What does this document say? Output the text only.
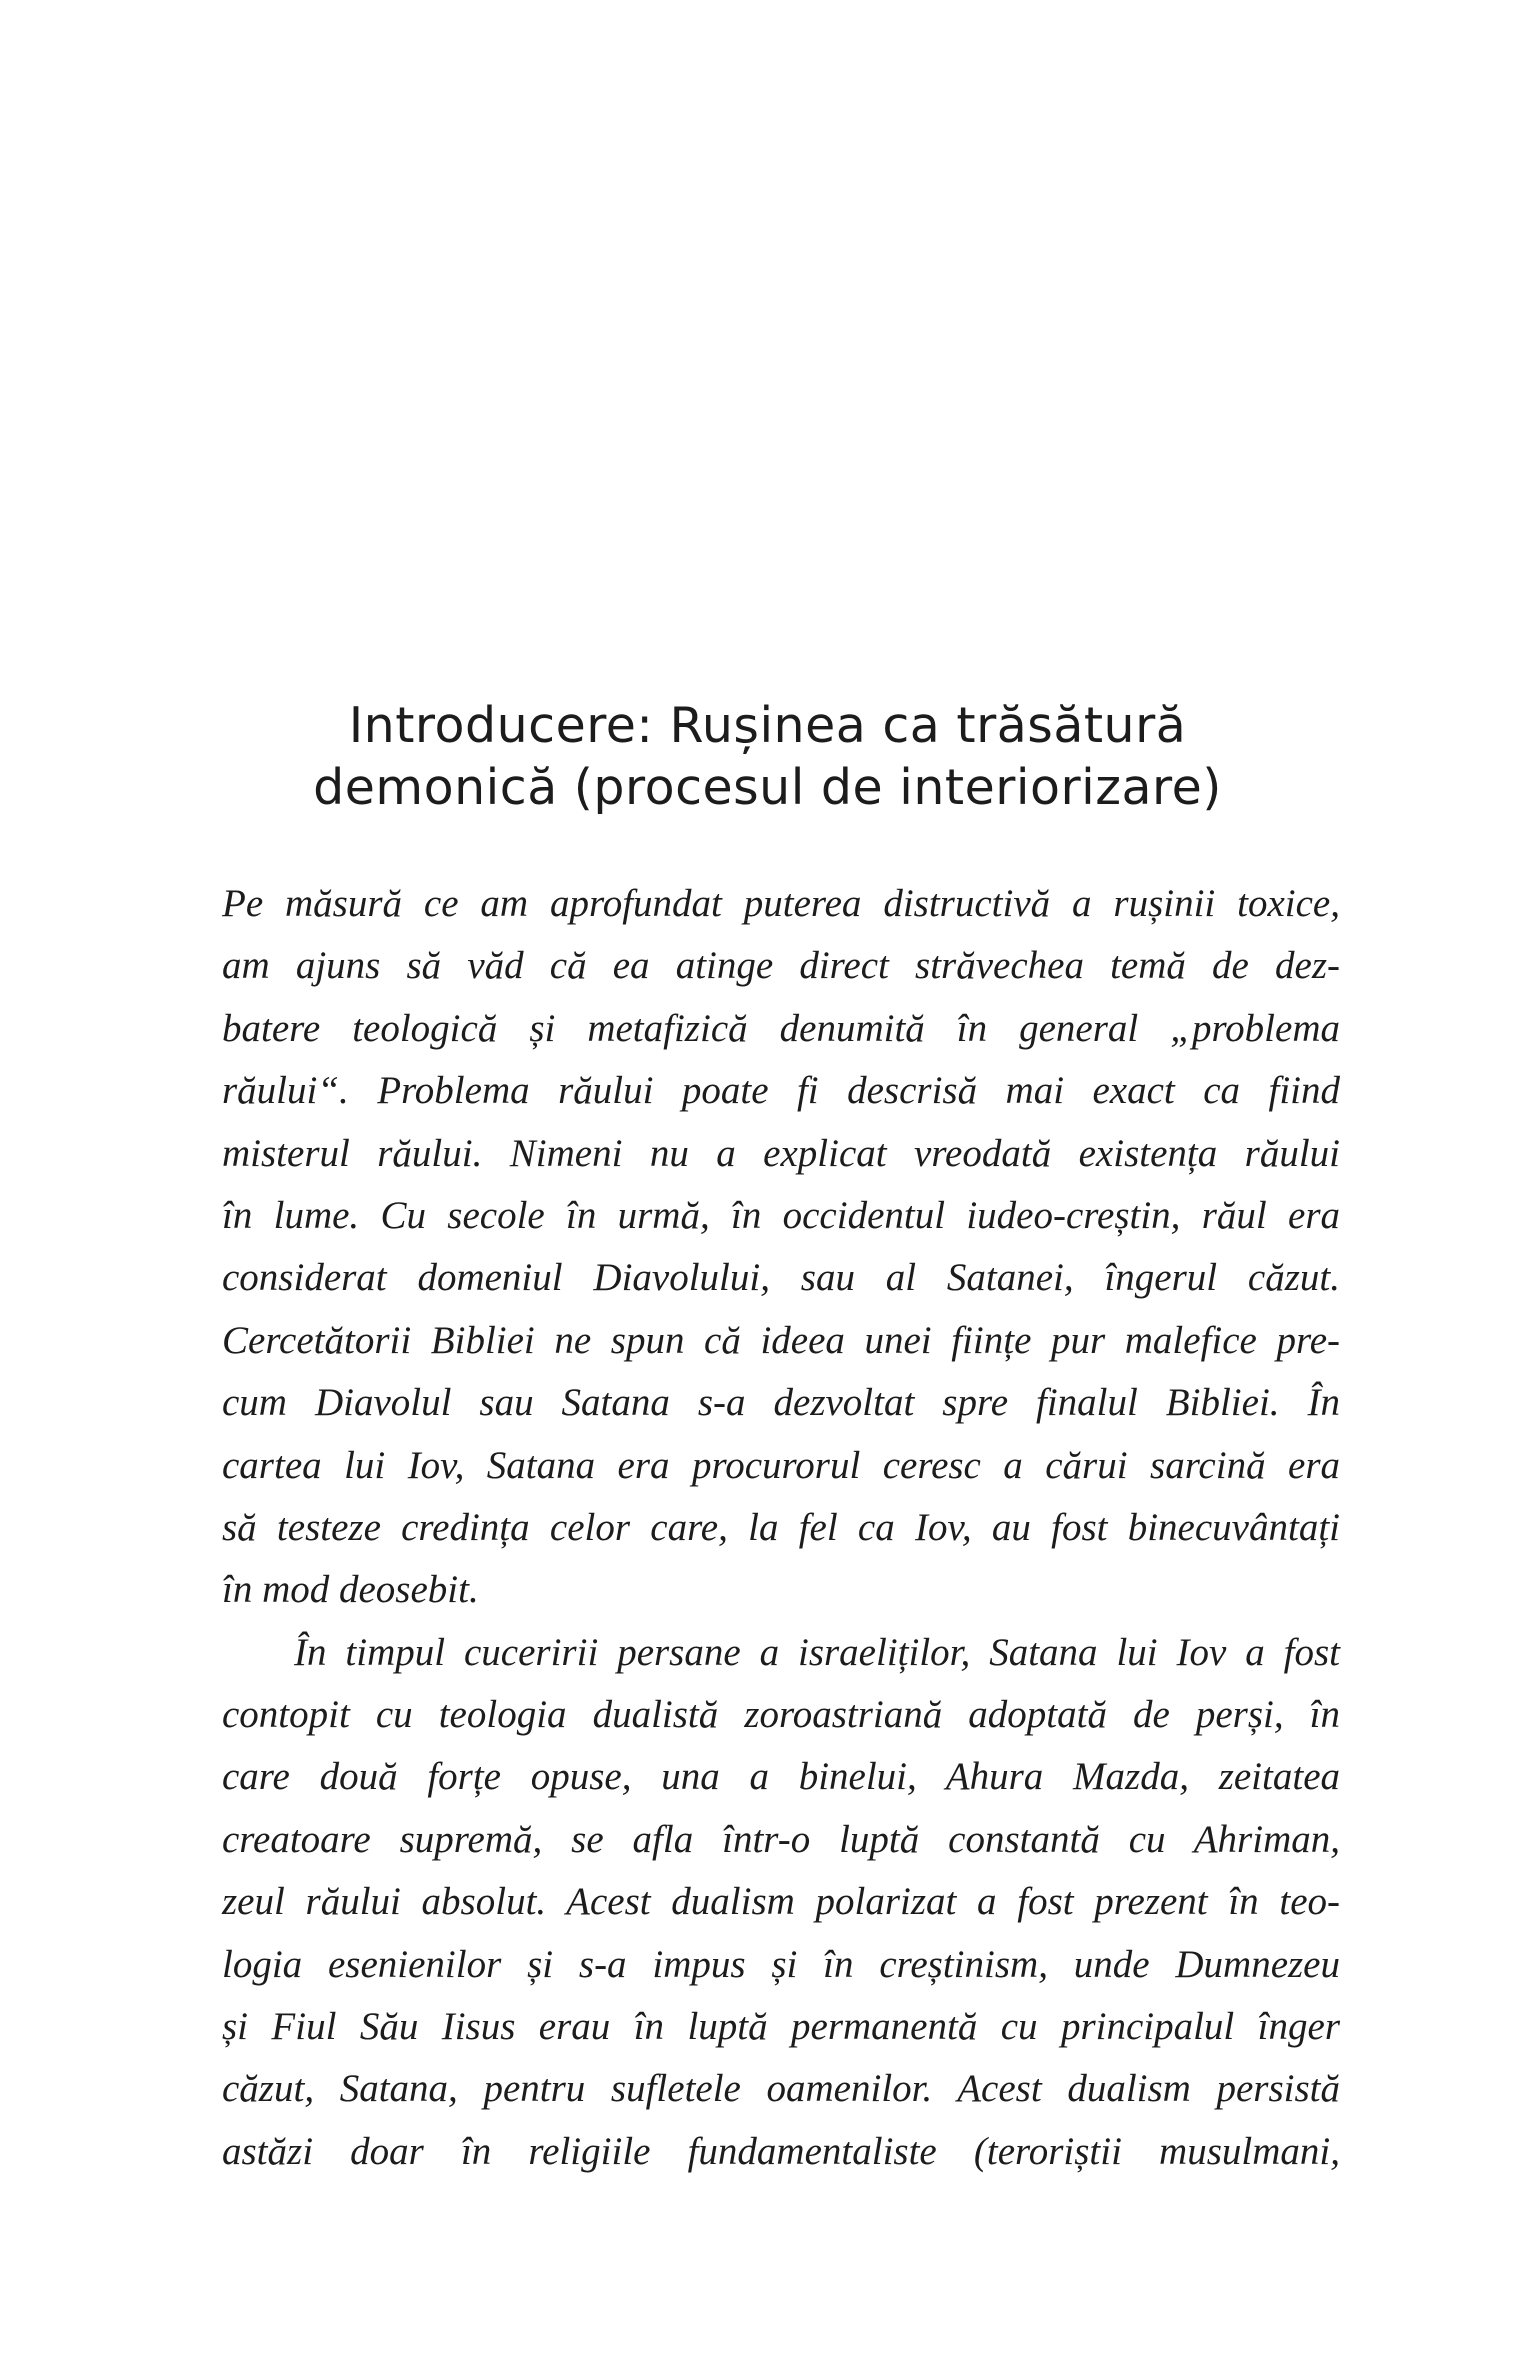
Introducere: Rușinea ca trăsătură
demonică (procesul de interiorizare)
Pe măsură ce am aprofundat puterea distructivă a rușinii toxice,
am ajuns să văd că ea atinge direct străvechea temă de dez-
batere teologică și metafizică denumită în general „problema
răului“. Problema răului poate fi descrisă mai exact ca fiind
misterul răului. Nimeni nu a explicat vreodată existența răului
în lume. Cu secole în urmă, în occidentul iudeo-creștin, răul era
considerat domeniul Diavolului, sau al Satanei, îngerul căzut.
Cercetătorii Bibliei ne spun că ideea unei ființe pur malefice pre-
cum Diavolul sau Satana s-a dezvoltat spre finalul Bibliei. În
cartea lui Iov, Satana era procurorul ceresc a cărui sarcină era
să testeze credința celor care, la fel ca Iov, au fost binecuvântați
în mod deosebit.
În timpul cuceririi persane a israeliților, Satana lui Iov a fost
contopit cu teologia dualistă zoroastriană adoptată de perși, în
care două forțe opuse, una a binelui, Ahura Mazda, zeitatea
creatoare supremă, se afla într-o luptă constantă cu Ahriman,
zeul răului absolut. Acest dualism polarizat a fost prezent în teo-
logia esenienilor și s-a impus și în creștinism, unde Dumnezeu
și Fiul Său Iisus erau în luptă permanentă cu principalul înger
căzut, Satana, pentru sufletele oamenilor. Acest dualism persistă
astăzi doar în religiile fundamentaliste (teroriștii musulmani,
